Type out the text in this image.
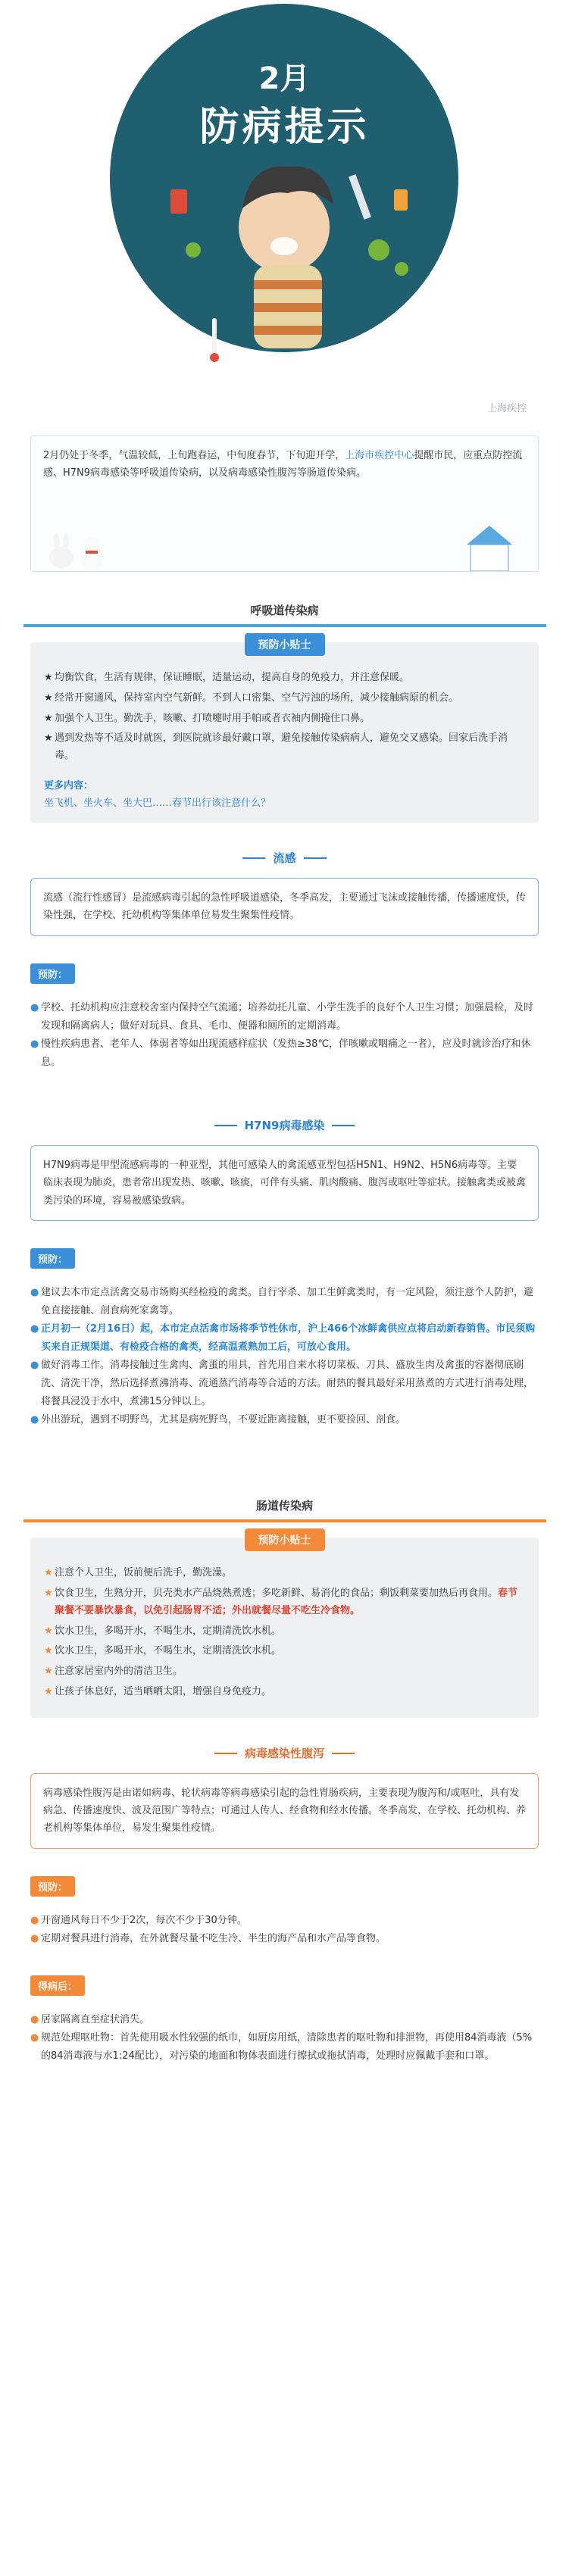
2月
防病提示
上海疾控
2月仍处于冬季，气温较低，上旬跑春运，中旬度春节，下旬迎开学，上海市疾控中心提醒市民，应重点防控流感、H7N9病毒感染等呼吸道传染病，以及病毒感染性腹泻等肠道传染病。
呼吸道传染病
预防小贴士
★ 均衡饮食，生活有规律，保证睡眠，适量运动，提高自身的免疫力，并注意保暖。
★ 经常开窗通风，保持室内空气新鲜。不到人口密集、空气污浊的场所，减少接触病原的机会。
★ 加强个人卫生。勤洗手，咳嗽、打喷嚏时用手帕或者衣袖内侧掩住口鼻。
★ 遇到发热等不适及时就医，到医院就诊最好戴口罩，避免接触传染病病人，避免交叉感染。回家后洗手消毒。
更多内容：
坐飞机、坐火车、坐大巴……春节出行该注意什么？
流感
流感（流行性感冒）是流感病毒引起的急性呼吸道感染，冬季高发，主要通过飞沫或接触传播，传播速度快，传染性强，在学校、托幼机构等集体单位易发生聚集性疫情。
预防：
● 学校、托幼机构应注意校舍室内保持空气流通；培养幼托儿童、小学生洗手的良好个人卫生习惯；加强晨检，及时发现和隔离病人；做好对玩具、食具、毛巾、便器和厕所的定期消毒。
● 慢性疾病患者、老年人、体弱者等如出现流感样症状（发热≥38℃，伴咳嗽或咽痛之一者），应及时就诊治疗和休息。
H7N9病毒感染
H7N9病毒是甲型流感病毒的一种亚型，其他可感染人的禽流感亚型包括H5N1、H9N2、H5N6病毒等。主要临床表现为肺炎，患者常出现发热、咳嗽、咳痰，可伴有头痛、肌肉酸痛、腹泻或呕吐等症状。接触禽类或被禽类污染的环境，容易被感染致病。
预防：
● 建议去本市定点活禽交易市场购买经检疫的禽类。自行宰杀、加工生鲜禽类时，有一定风险，须注意个人防护，避免直接接触、剖食病死家禽等。
● 正月初一（2月16日）起，本市定点活禽市场将季节性休市，沪上466个冰鲜禽供应点将启动新春销售。市民须购买来自正规渠道、有检疫合格的禽类，经高温煮熟加工后，可放心食用。
● 做好消毒工作。消毒接触过生禽肉、禽蛋的用具，首先用自来水将切菜板、刀具、盛放生肉及禽蛋的容器彻底刷洗、清洗干净，然后选择煮沸消毒、流通蒸汽消毒等合适的方法。耐热的餐具最好采用蒸煮的方式进行消毒处理，将餐具浸没于水中，煮沸15分钟以上。
● 外出游玩，遇到不明野鸟，尤其是病死野鸟，不要近距离接触，更不要捡回、剖食。
肠道传染病
预防小贴士
★ 注意个人卫生，饭前便后洗手，勤洗澡。
★ 饮食卫生，生熟分开，贝壳类水产品烧熟煮透；多吃新鲜、易消化的食品；剩饭剩菜要加热后再食用。春节聚餐不要暴饮暴食，以免引起肠胃不适；外出就餐尽量不吃生冷食物。
★ 饮水卫生，多喝开水，不喝生水，定期清洗饮水机。
★ 饮水卫生，多喝开水，不喝生水，定期清洗饮水机。
★ 注意家居室内外的清洁卫生。
★ 让孩子休息好，适当晒晒太阳，增强自身免疫力。
病毒感染性腹泻
病毒感染性腹泻是由诺如病毒、轮状病毒等病毒感染引起的急性胃肠疾病，主要表现为腹泻和/或呕吐，具有发病急、传播速度快、波及范围广等特点；可通过人传人、经食物和经水传播。冬季高发，在学校、托幼机构、养老机构等集体单位，易发生聚集性疫情。
预防：
● 开窗通风每日不少于2次，每次不少于30分钟。
● 定期对餐具进行消毒，在外就餐尽量不吃生冷、半生的海产品和水产品等食物。
得病后：
● 居家隔离直至症状消失。
● 规范处理呕吐物：首先使用吸水性较强的纸巾，如厨房用纸，清除患者的呕吐物和排泄物，再使用84消毒液（5%的84消毒液与水1:24配比），对污染的地面和物体表面进行擦拭或拖拭消毒，处理时应佩戴手套和口罩。
